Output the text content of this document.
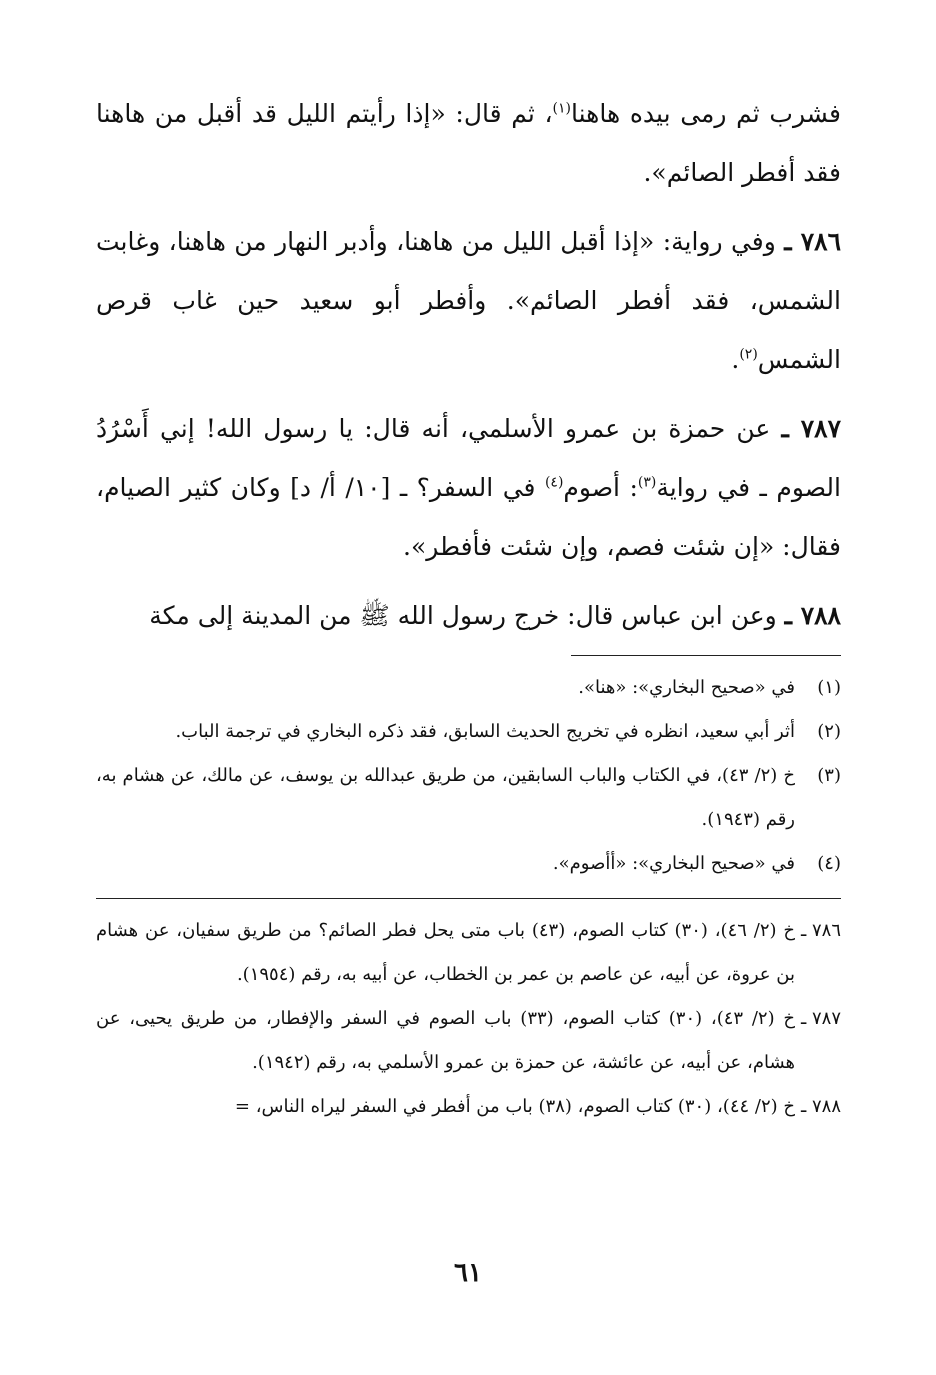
فشرب ثم رمى بيده هاهنا$^{(١)}$، ثم قال: «إذا رأيتم الليل قد أقبل من هاهنا فقد أفطر الصائم».

٧٨٦ ـ وفي رواية: «إذا أقبل الليل من هاهنا، وأدبر النهار من هاهنا، وغابت الشمس، فقد أفطر الصائم». وأفطر أبو سعيد حين غاب قرص الشمس$^{(٢)}$.

٧٨٧ ـ عن حمزة بن عمرو الأسلمي، أنه قال: يا رسول الله! إني أَسْرُدُ الصوم ـ في رواية$^{(٣)}$: أصوم$^{(٤)}$ في السفر؟ ـ [١٠/ أ/ د] وكان كثير الصيام، فقال: «إن شئت فصم، وإن شئت فأفطر».

٧٨٨ ـ وعن ابن عباس قال: خرج رسول الله ﷺ من المدينة إلى مكة

(١)
في «صحيح البخاري»: «هنا».
(٢)
أثر أبي سعيد، انظره في تخريج الحديث السابق، فقد ذكره البخاري في ترجمة الباب.
(٣)
خ (٢/ ٤٣)، في الكتاب والباب السابقين، من طريق عبدالله بن يوسف، عن مالك، عن هشام به، رقم (١٩٤٣).
(٤)
في «صحيح البخاري»: «أأصوم».
٧٨٦ ـ
خ (٢/ ٤٦)، (٣٠) كتاب الصوم، (٤٣) باب متى يحل فطر الصائم؟ من طريق سفيان، عن هشام بن عروة، عن أبيه، عن عاصم بن عمر بن الخطاب، عن أبيه به، رقم (١٩٥٤).
٧٨٧ ـ
خ (٢/ ٤٣)، (٣٠) كتاب الصوم، (٣٣) باب الصوم في السفر والإفطار، من طريق يحيى، عن هشام، عن أبيه، عن عائشة، عن حمزة بن عمرو الأسلمي به، رقم (١٩٤٢).
٧٨٨ ـ
خ (٢/ ٤٤)، (٣٠) كتاب الصوم، (٣٨) باب من أفطر في السفر ليراه الناس، =
٦١
